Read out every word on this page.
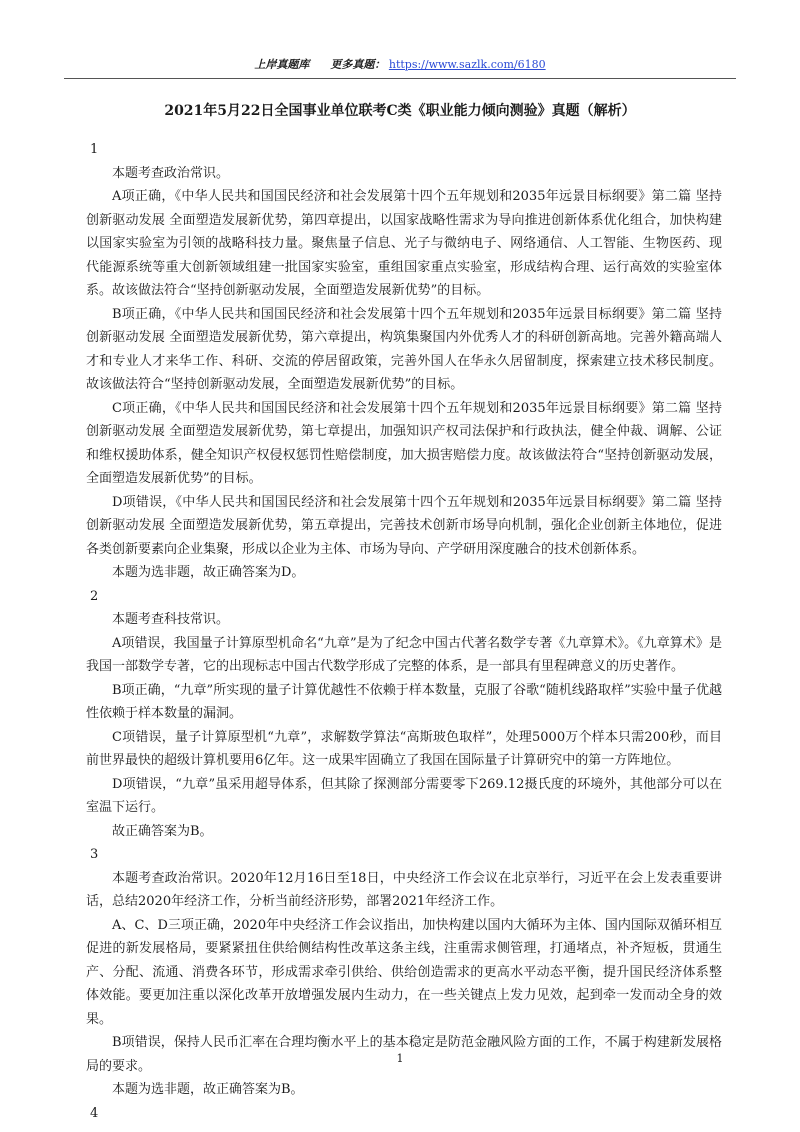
上岸真题库 更多真题： https://www.sazlk.com/6180
2021年5月22日全国事业单位联考C类《职业能力倾向测验》真题（解析）

1

本题考查政治常识。

A项正确，《中华人民共和国国民经济和社会发展第十四个五年规划和2035年远景目标纲要》第二篇 坚持创新驱动发展 全面塑造发展新优势，第四章提出，以国家战略性需求为导向推进创新体系优化组合，加快构建以国家实验室为引领的战略科技力量。聚焦量子信息、光子与微纳电子、网络通信、人工智能、生物医药、现代能源系统等重大创新领域组建一批国家实验室，重组国家重点实验室，形成结构合理、运行高效的实验室体系。故该做法符合“坚持创新驱动发展，全面塑造发展新优势”的目标。

B项正确，《中华人民共和国国民经济和社会发展第十四个五年规划和2035年远景目标纲要》第二篇 坚持创新驱动发展 全面塑造发展新优势，第六章提出，构筑集聚国内外优秀人才的科研创新高地。完善外籍高端人才和专业人才来华工作、科研、交流的停居留政策，完善外国人在华永久居留制度，探索建立技术移民制度。故该做法符合“坚持创新驱动发展，全面塑造发展新优势”的目标。

C项正确，《中华人民共和国国民经济和社会发展第十四个五年规划和2035年远景目标纲要》第二篇 坚持创新驱动发展 全面塑造发展新优势，第七章提出，加强知识产权司法保护和行政执法，健全仲裁、调解、公证和维权援助体系，健全知识产权侵权惩罚性赔偿制度，加大损害赔偿力度。故该做法符合“坚持创新驱动发展，全面塑造发展新优势”的目标。

D项错误，《中华人民共和国国民经济和社会发展第十四个五年规划和2035年远景目标纲要》第二篇 坚持创新驱动发展 全面塑造发展新优势，第五章提出，完善技术创新市场导向机制，强化企业创新主体地位，促进各类创新要素向企业集聚，形成以企业为主体、市场为导向、产学研用深度融合的技术创新体系。

本题为选非题，故正确答案为D。

2

本题考查科技常识。

A项错误，我国量子计算原型机命名“九章”是为了纪念中国古代著名数学专著《九章算术》。《九章算术》是我国一部数学专著，它的出现标志中国古代数学形成了完整的体系，是一部具有里程碑意义的历史著作。

B项正确，“九章”所实现的量子计算优越性不依赖于样本数量，克服了谷歌“随机线路取样”实验中量子优越性依赖于样本数量的漏洞。

C项错误，量子计算原型机“九章”，求解数学算法“高斯玻色取样”，处理5000万个样本只需200秒，而目前世界最快的超级计算机要用6亿年。这一成果牢固确立了我国在国际量子计算研究中的第一方阵地位。

D项错误，“九章”虽采用超导体系，但其除了探测部分需要零下269.12摄氏度的环境外，其他部分可以在室温下运行。

故正确答案为B。

3

本题考查政治常识。2020年12月16日至18日，中央经济工作会议在北京举行，习近平在会上发表重要讲话，总结2020年经济工作，分析当前经济形势，部署2021年经济工作。

A、C、D三项正确，2020年中央经济工作会议指出，加快构建以国内大循环为主体、国内国际双循环相互促进的新发展格局，要紧紧扭住供给侧结构性改革这条主线，注重需求侧管理，打通堵点，补齐短板，贯通生产、分配、流通、消费各环节，形成需求牵引供给、供给创造需求的更高水平动态平衡，提升国民经济体系整体效能。要更加注重以深化改革开放增强发展内生动力，在一些关键点上发力见效，起到牵一发而动全身的效果。

B项错误，保持人民币汇率在合理均衡水平上的基本稳定是防范金融风险方面的工作，不属于构建新发展格局的要求。

本题为选非题，故正确答案为B。

4

1
